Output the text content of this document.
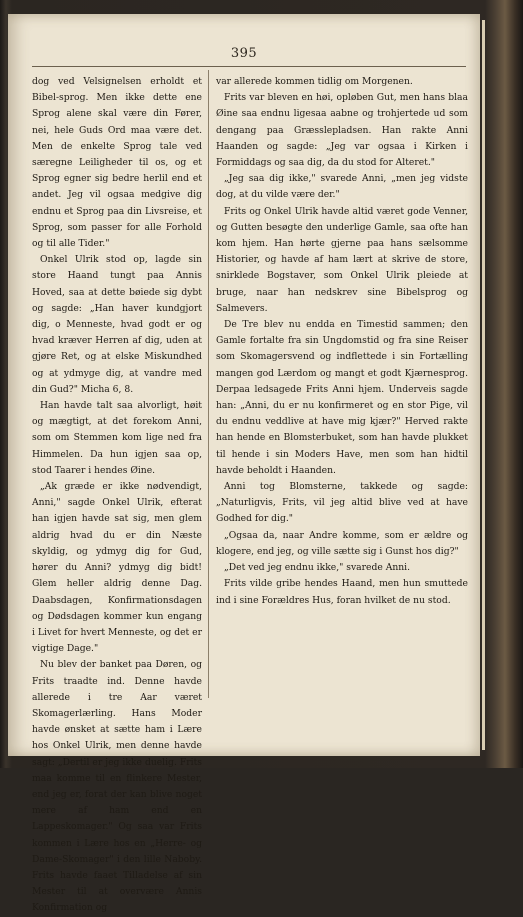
395

dog ved Velsignelsen erholdt et Bibel-sprog. Men ikke dette ene Sprog alene skal være din Fører, nei, hele Guds Ord maa være det. Men de enkelte Sprog tale ved særegne Leiligheder til os, og et Sprog egner sig bedre herlil end et andet. Jeg vil ogsaa medgive dig endnu et Sprog paa din Livsreise, et Sprog, som passer for alle Forhold og til alle Tider."

Onkel Ulrik stod op, lagde sin store Haand tungt paa Annis Hoved, saa at dette bøiede sig dybt og sagde: „Han haver kundgjort dig, o Menneste, hvad godt er og hvad kræver Herren af dig, uden at gjøre Ret, og at elske Miskundhed og at ydmyge dig, at vandre med din Gud?" Micha 6, 8.

Han havde talt saa alvorligt, høit og mægtigt, at det forekom Anni, som om Stemmen kom lige ned fra Himmelen. Da hun igjen saa op, stod Taarer i hendes Øine.

„Ak græde er ikke nødvendigt, Anni," sagde Onkel Ulrik, efterat han igjen havde sat sig, men glem aldrig hvad du er din Næste skyldig, og ydmyg dig for Gud, hører du Anni? ydmyg dig bidt! Glem heller aldrig denne Dag. Daabsdagen, Konfirmationsdagen og Dødsdagen kommer kun engang i Livet for hvert Menneste, og det er vigtige Dage."

Nu blev der banket paa Døren, og Frits traadte ind. Denne havde allerede i tre Aar været Skomagerlærling. Hans Moder havde ønsket at sætte ham i Lære hos Onkel Ulrik, men denne havde sagt: „Dertil er jeg ikke duelig. Frits maa komme til en flinkere Mester, end jeg er, forat der kan blive noget mere af ham end en Lappeskomager." Og saa var Frits kommen i Lære hos en „Herre- og Dame-Skomager" i den lille Naboby. Frits havde faaet Tilladelse af sin Mester til at overvære Annis Konfirmation og

var allerede kommen tidlig om Morgenen.

Frits var bleven en høi, opløben Gut, men hans blaa Øine saa endnu ligesaa aabne og trohjertede ud som dengang paa Græsslepladsen. Han rakte Anni Haanden og sagde: „Jeg var ogsaa i Kirken i Formiddags og saa dig, da du stod for Alteret."

„Jeg saa dig ikke," svarede Anni, „men jeg vidste dog, at du vilde være der."

Frits og Onkel Ulrik havde altid været gode Venner, og Gutten besøgte den underlige Gamle, saa ofte han kom hjem. Han hørte gjerne paa hans sælsomme Historier, og havde af ham lært at skrive de store, snirklede Bogstaver, som Onkel Ulrik pleiede at bruge, naar han nedskrev sine Bibelsprog og Salmevers.

De Tre blev nu endda en Timestid sammen; den Gamle fortalte fra sin Ungdomstid og fra sine Reiser som Skomagersvend og indflettede i sin Fortælling mangen god Lærdom og mangt et godt Kjærnesprog. Derpaa ledsagede Frits Anni hjem. Underveis sagde han: „Anni, du er nu konfirmeret og en stor Pige, vil du endnu veddlive at have mig kjær?" Herved rakte han hende en Blomsterbuket, som han havde plukket til hende i sin Moders Have, men som han hidtil havde beholdt i Haanden.

Anni tog Blomsterne, takkede og sagde: „Naturligvis, Frits, vil jeg altid blive ved at have Godhed for dig."

„Ogsaa da, naar Andre komme, som er ældre og klogere, end jeg, og ville sætte sig i Gunst hos dig?"

„Det ved jeg endnu ikke," svarede Anni.

Frits vilde gribe hendes Haand, men hun smuttede ind i sine Forældres Hus, foran hvilket de nu stod.
